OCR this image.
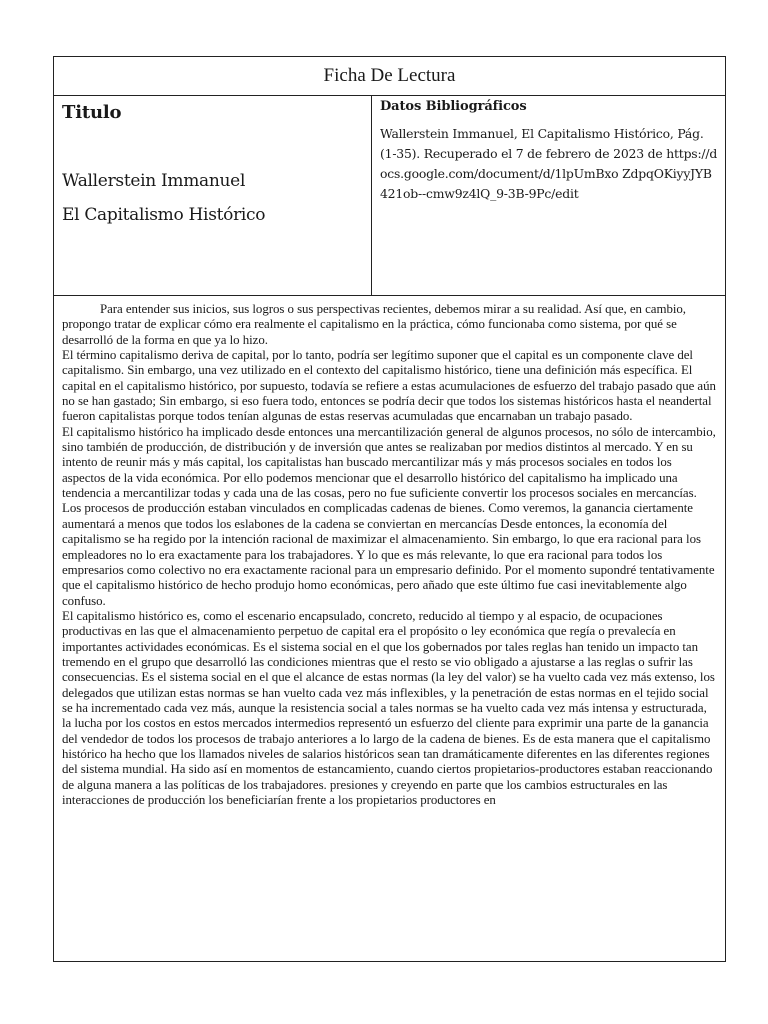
Ficha De Lectura
Titulo
Wallerstein Immanuel
El Capitalismo Histórico
Datos Bibliográficos
Wallerstein Immanuel, El Capitalismo Histórico, Pág. (1-35). Recuperado el 7 de febrero de 2023 de https://docs.google.com/document/d/1lpUmBxo ZdpqOKiyyJYB421ob--cmw9z4lQ_9-3B-9Pc/edit

Para entender sus inicios, sus logros o sus perspectivas recientes, debemos mirar a su realidad. Así que, en cambio, propongo tratar de explicar cómo era realmente el capitalismo en la práctica, cómo funcionaba como sistema, por qué se desarrolló de la forma en que ya lo hizo.

El término capitalismo deriva de capital, por lo tanto, podría ser legítimo suponer que el capital es un componente clave del capitalismo. Sin embargo, una vez utilizado en el contexto del capitalismo histórico, tiene una definición más específica. El capital en el capitalismo histórico, por supuesto, todavía se refiere a estas acumulaciones de esfuerzo del trabajo pasado que aún no se han gastado; Sin embargo, si eso fuera todo, entonces se podría decir que todos los sistemas históricos hasta el neandertal fueron capitalistas porque todos tenían algunas de estas reservas acumuladas que encarnaban un trabajo pasado.

El capitalismo histórico ha implicado desde entonces una mercantilización general de algunos procesos, no sólo de intercambio, sino también de producción, de distribución y de inversión que antes se realizaban por medios distintos al mercado. Y en su intento de reunir más y más capital, los capitalistas han buscado mercantilizar más y más procesos sociales en todos los aspectos de la vida económica. Por ello podemos mencionar que el desarrollo histórico del capitalismo ha implicado una tendencia a mercantilizar todas y cada una de las cosas, pero no fue suficiente convertir los procesos sociales en mercancías. Los procesos de producción estaban vinculados en complicadas cadenas de bienes. Como veremos, la ganancia ciertamente aumentará a menos que todos los eslabones de la cadena se conviertan en mercancías Desde entonces, la economía del capitalismo se ha regido por la intención racional de maximizar el almacenamiento. Sin embargo, lo que era racional para los empleadores no lo era exactamente para los trabajadores. Y lo que es más relevante, lo que era racional para todos los empresarios como colectivo no era exactamente racional para un empresario definido. Por el momento supondré tentativamente que el capitalismo histórico de hecho produjo homo económicas, pero añado que este último fue casi inevitablemente algo confuso.

El capitalismo histórico es, como el escenario encapsulado, concreto, reducido al tiempo y al espacio, de ocupaciones productivas en las que el almacenamiento perpetuo de capital era el propósito o ley económica que regía o prevalecía en importantes actividades económicas. Es el sistema social en el que los gobernados por tales reglas han tenido un impacto tan tremendo en el grupo que desarrolló las condiciones mientras que el resto se vio obligado a ajustarse a las reglas o sufrir las consecuencias. Es el sistema social en el que el alcance de estas normas (la ley del valor) se ha vuelto cada vez más extenso, los delegados que utilizan estas normas se han vuelto cada vez más inflexibles, y la penetración de estas normas en el tejido social se ha incrementado cada vez más, aunque la resistencia social a tales normas se ha vuelto cada vez más intensa y estructurada, la lucha por los costos en estos mercados intermedios representó un esfuerzo del cliente para exprimir una parte de la ganancia del vendedor de todos los procesos de trabajo anteriores a lo largo de la cadena de bienes. Es de esta manera que el capitalismo histórico ha hecho que los llamados niveles de salarios históricos sean tan dramáticamente diferentes en las diferentes regiones del sistema mundial. Ha sido así en momentos de estancamiento, cuando ciertos propietarios-productores estaban reaccionando de alguna manera a las políticas de los trabajadores. presiones y creyendo en parte que los cambios estructurales en las interacciones de producción los beneficiarían frente a los propietarios productores en
